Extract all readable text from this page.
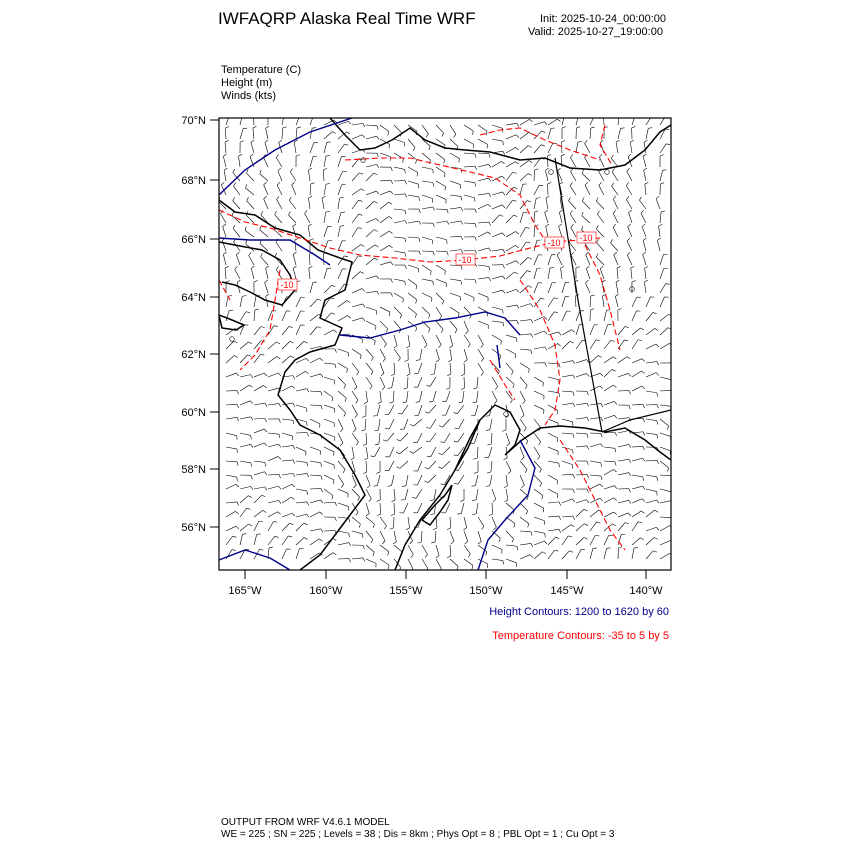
IWFAQRP Alaska Real Time WRF	Init: 2025-10-24_00:00:00
Valid: 2025-10-27_19:00:00
Temperature (C)
Height (m)
Winds (kts)
-10
-10
-10 -10
70°N
68°N
66°N
64°N
62°N
60°N
58°N
56°N
165°W	160°W	155°W	150°W	145°W	140°W
Height Contours: 1200 to 1620 by 60
Temperature Contours: -35 to 5 by 5
OUTPUT FROM WRF V4.6.1 MODEL
WE = 225 ; SN = 225 ; Levels = 38 ; Dis = 8km ; Phys Opt = 8 ; PBL Opt = 1 ; Cu Opt = 3
